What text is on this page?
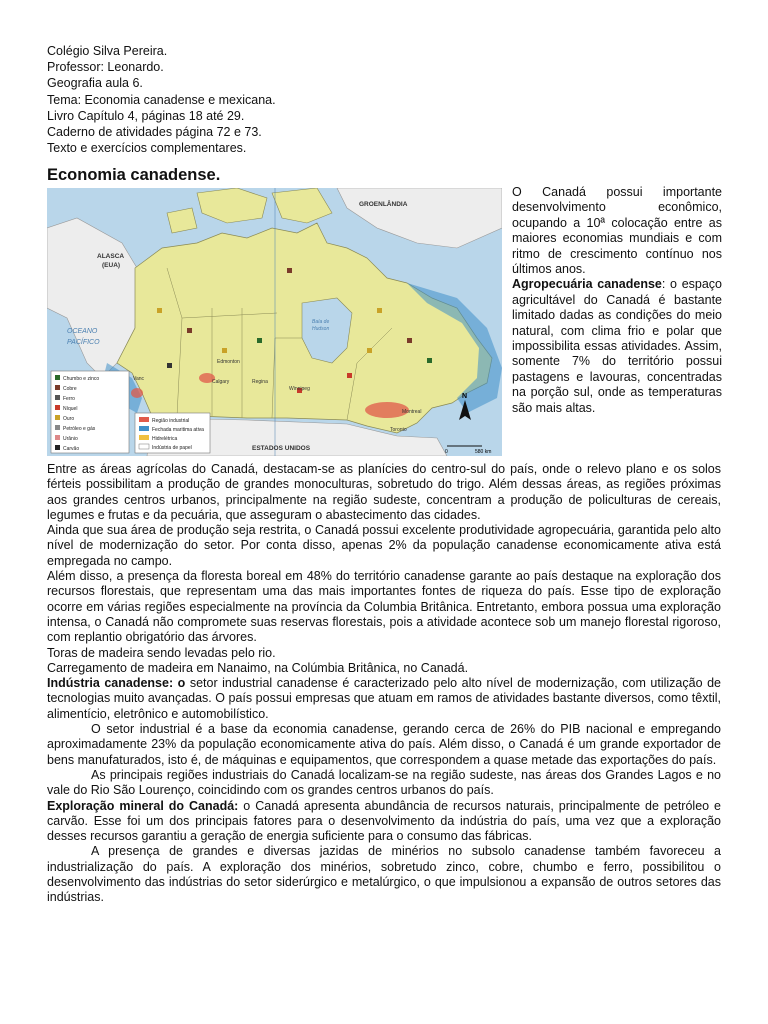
Colégio Silva Pereira.
Professor: Leonardo.
Geografia aula 6.
Tema: Economia canadense e mexicana.
Livro Capítulo 4, páginas 18 até 29.
Caderno de atividades página 72 e 73.
Texto e exercícios complementares.
Economia canadense.
GROENLÂNDIA
ALASCA
(EUA)
ESTADOS UNIDOS
OCEANO
PACÍFICO
Baía de
Hudson
Edmonton
Calgary	Regina
Winnipeg
Montreal
Toronto
Vanc
Chumbo e zinco
Cobre
Ferro
Níquel
Ouro
Petróleo e gás
Urânio
Carvão
Região industrial
Fechada maritima ativa
Hidrelétrica
Indústria de papel
N
0	580 km

O Canadá possui importante desenvolvimento econômico, ocupando a 10ª colocação entre as maiores economias mundiais e com ritmo de crescimento contínuo nos últimos anos.

Agropecuária canadense: o espaço agricultável do Canadá é bastante limitado dadas as condições do meio natural, com clima frio e polar que impossibilita essas atividades. Assim, somente 7% do território possui pastagens e lavouras, concentradas na porção sul, onde as temperaturas são mais altas.

Entre as áreas agrícolas do Canadá, destacam-se as planícies do centro-sul do país, onde o relevo plano e os solos férteis possibilitam a produção de grandes monoculturas, sobretudo do trigo. Além dessas áreas, as regiões próximas aos grandes centros urbanos, principalmente na região sudeste, concentram a produção de policulturas de cereais, legumes e frutas e da pecuária, que asseguram o abastecimento das cidades.

Ainda que sua área de produção seja restrita, o Canadá possui excelente produtividade agropecuária, garantida pelo alto nível de modernização do setor. Por conta disso, apenas 2% da população canadense economicamente ativa está empregada no campo.

Além disso, a presença da floresta boreal em 48% do território canadense garante ao país destaque na exploração dos recursos florestais, que representam uma das mais importantes fontes de riqueza do país. Esse tipo de exploração ocorre em várias regiões especialmente na província da Columbia Britânica. Entretanto, embora possua uma exploração intensa, o Canadá não compromete suas reservas florestais, pois a atividade acontece sob um manejo florestal rigoroso, com replantio obrigatório das árvores.

Toras de madeira sendo levadas pelo rio.

Carregamento de madeira em Nanaimo, na Colúmbia Britânica, no Canadá.

Indústria canadense: o setor industrial canadense é caracterizado pelo alto nível de modernização, com utilização de tecnologias muito avançadas. O país possui empresas que atuam em ramos de atividades bastante diversos, como têxtil, alimentício, eletrônico e automobilístico.

O setor industrial é a base da economia canadense, gerando cerca de 26% do PIB nacional e empregando aproximadamente 23% da população economicamente ativa do país. Além disso, o Canadá é um grande exportador de bens manufaturados, isto é, de máquinas e equipamentos, que correspondem a quase metade das exportações do país.

As principais regiões industriais do Canadá localizam-se na região sudeste, nas áreas dos Grandes Lagos e no vale do Rio São Lourenço, coincidindo com os grandes centros urbanos do país.

Exploração mineral do Canadá: o Canadá apresenta abundância de recursos naturais, principalmente de petróleo e carvão. Esse foi um dos principais fatores para o desenvolvimento da indústria do país, uma vez que a exploração desses recursos garantiu a geração de energia suficiente para o consumo das fábricas.

A presença de grandes e diversas jazidas de minérios no subsolo canadense também favoreceu a industrialização do país. A exploração dos minérios, sobretudo zinco, cobre, chumbo e ferro, possibilitou o desenvolvimento das indústrias do setor siderúrgico e metalúrgico, o que impulsionou a expansão de outros setores das indústrias.
